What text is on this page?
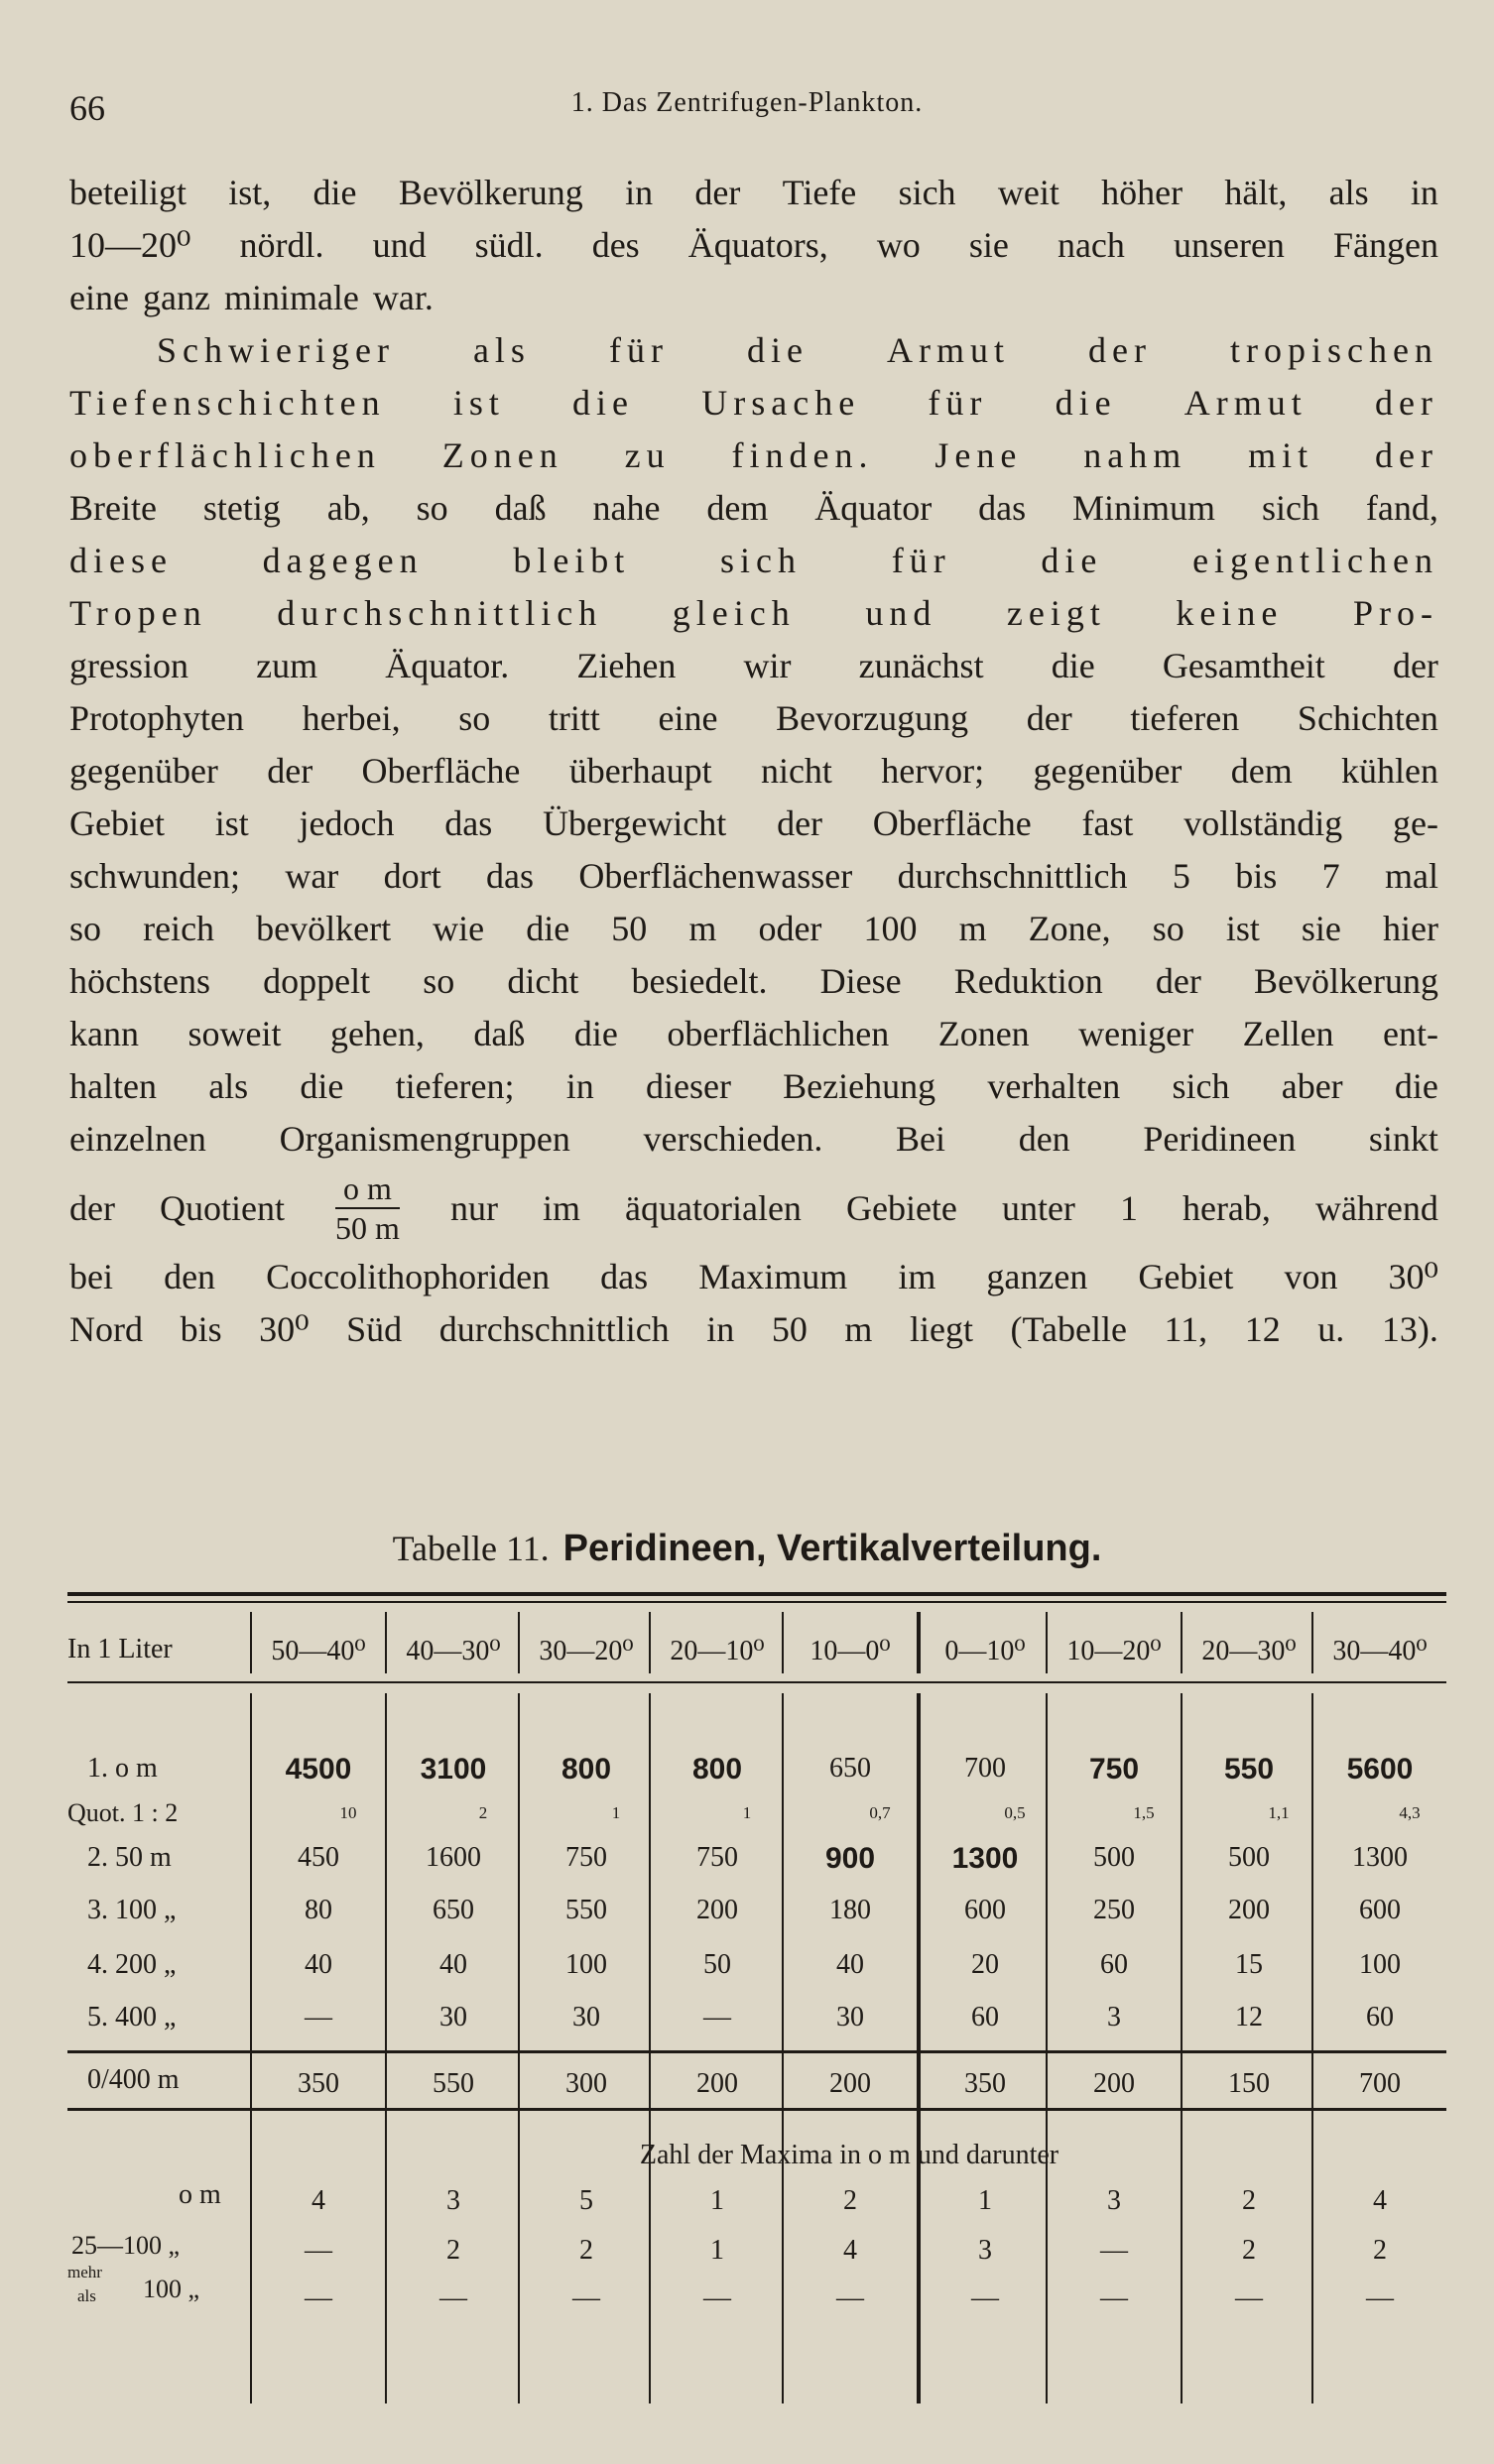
66	1. Das Zentrifugen-Plankton.
beteiligt ist, die Bevölkerung in der Tiefe sich weit höher hält, als in
10—20⁰ nördl. und südl. des Äquators, wo sie nach unseren Fängen
eine ganz minimale war.
Schwieriger als für die Armut der tropischen
Tiefenschichten ist die Ursache für die Armut der
oberflächlichen Zonen zu finden. Jene nahm mit der
Breite stetig ab, so daß nahe dem Äquator das Minimum sich fand,
diese	dagegen	bleibt	sich	für	die	eigentlichen
Tropen durchschnittlich gleich und zeigt keine Pro-
gression zum Äquator. Ziehen wir zunächst die Gesamtheit der
Protophyten herbei, so tritt eine Bevorzugung der tieferen Schichten
gegenüber der Oberfläche überhaupt nicht hervor; gegenüber dem kühlen
Gebiet ist jedoch das Übergewicht der Oberfläche fast vollständig ge-
schwunden; war dort das Oberflächenwasser durchschnittlich 5 bis 7 mal
so reich bevölkert wie die 50 m oder 100 m Zone, so ist sie hier
höchstens doppelt so dicht besiedelt. Diese Reduktion der Bevölkerung
kann soweit gehen, daß die oberflächlichen Zonen weniger Zellen ent-
halten als die tieferen; in dieser Beziehung verhalten sich aber die
einzelnen Organismengruppen verschieden. Bei den Peridineen sinkt
der Quotient $\frac{\text{o m}}{50 m}$ nur im äquatorialen Gebiete unter 1 herab, während
bei den Coccolithophoriden das Maximum im ganzen Gebiet von 30⁰
Nord bis 30⁰ Süd durchschnittlich in 50 m liegt (Tabelle 11, 12 u. 13).
Tabelle 11. Peridineen, Vertikalverteilung.
In 1 Liter	50—40⁰	40—30⁰	30—20⁰	20—10⁰	10—0⁰	0—10⁰	10—20⁰	20—30⁰	30—40⁰
1. o m	4500	3100	800	800	650	700	750	550	5600
Quot. 1 : 2	10	2	1	1	0,7	0,5	1,5	1,1	4,3
2. 50 m	450	1600	750	750	900	1300	500	500	1300
3. 100 „	80	650	550	200	180	600	250	200	600
4. 200 „	40	40	100	50	40	20	60	15	100
5. 400 „	—	30	30	—	30	60	3	12	60
0/400 m	350	550	300	200	200	350	200	150	700
Zahl der Maxima in o m und darunter
o m	4	3	5	1	2	1	3	2	4
25—100 „	—	2	2	1	4	3	—	2	2
mehr
als 100 „	—	—	—	—	—	—	—	—	—
